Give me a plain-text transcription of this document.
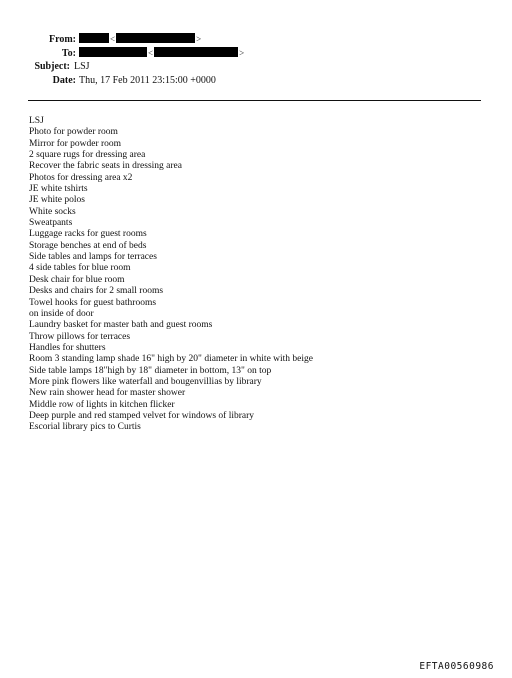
From:	<	>
To:	<	>
Subject: LSJ
Date: Thu, 17 Feb 2011 23:15:00 +0000
LSJ
Photo for powder room
Mirror for powder room
2 square rugs for dressing area
Recover the fabric seats in dressing area
Photos for dressing area x2
JE white tshirts
JE white polos
White socks
Sweatpants
Luggage racks for guest rooms
Storage benches at end of beds
Side tables and lamps for terraces
4 side tables for blue room
Desk chair for blue room
Desks and chairs for 2 small rooms
Towel hooks for guest bathrooms
on inside of door
Laundry basket for master bath and guest rooms
Throw pillows for terraces
Handles for shutters
Room 3 standing lamp shade 16" high by 20" diameter in white with beige
Side table lamps 18"high by 18" diameter in bottom, 13" on top
More pink flowers like waterfall and bougenvillias by library
New rain shower head for master shower
Middle row of lights in kitchen flicker
Deep purple and red stamped velvet for windows of library
Escorial library pics to Curtis
EFTA00560986
